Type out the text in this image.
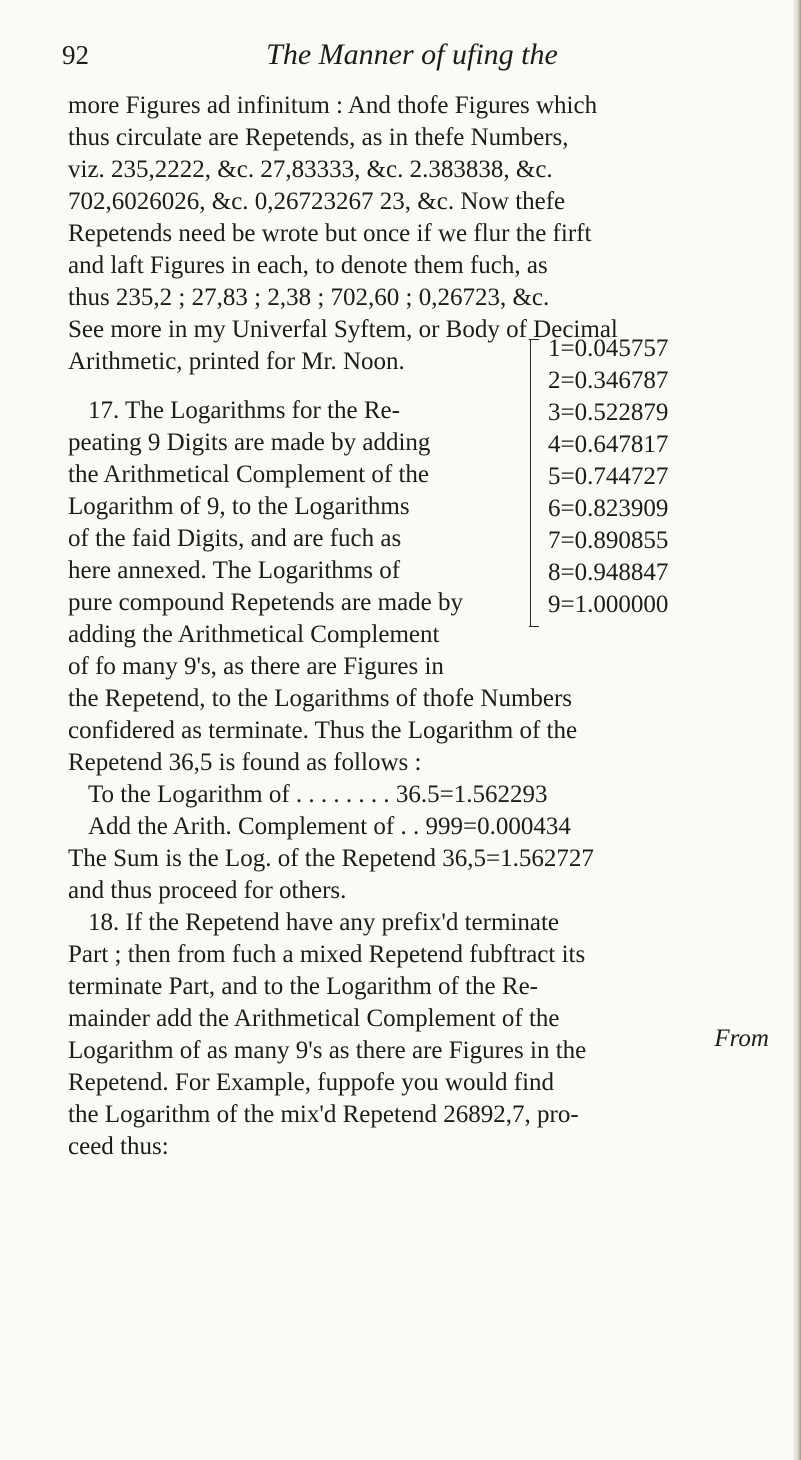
92	The Manner of ufing the
more Figures ad infinitum : And thofe Figures which
thus circulate are Repetends, as in thefe Numbers,
viz. 235,2222, &c. 27,83333, &c. 2.383838, &c.
702,6026026, &c. 0,26723267 23, &c. Now thefe
Repetends need be wrote but once if we flur the firft
and laft Figures in each, to denote them fuch, as
thus 235,2 ; 27,83 ; 2,38 ; 702,60 ; 0,26723, &c.
See more in my Univerfal Syftem, or Body of Decimal
Arithmetic, printed for Mr. Noon.
17. The Logarithms for the Re-
peating 9 Digits are made by adding
the Arithmetical Complement of the
Logarithm of 9, to the Logarithms
of the faid Digits, and are fuch as
here annexed. The Logarithms of
pure compound Repetends are made by
adding the Arithmetical Complement
of fo many 9's, as there are Figures in
the Repetend, to the Logarithms of thofe Numbers
confidered as terminate. Thus the Logarithm of the
Repetend 36,5 is found as follows :
To the Logarithm of . . . . . . . . 36.5=1.562293
Add the Arith. Complement of . . 999=0.000434
The Sum is the Log. of the Repetend 36,5=1.562727
and thus proceed for others.
18. If the Repetend have any prefix'd terminate
Part ; then from fuch a mixed Repetend fubftract its
terminate Part, and to the Logarithm of the Re-
mainder add the Arithmetical Complement of the
Logarithm of as many 9's as there are Figures in the
Repetend. For Example, fuppofe you would find
the Logarithm of the mix'd Repetend 26892,7, pro-
ceed thus:
1=0.045757
2=0.346787
3=0.522879
4=0.647817
5=0.744727
6=0.823909
7=0.890855
8=0.948847
9=1.000000
From
